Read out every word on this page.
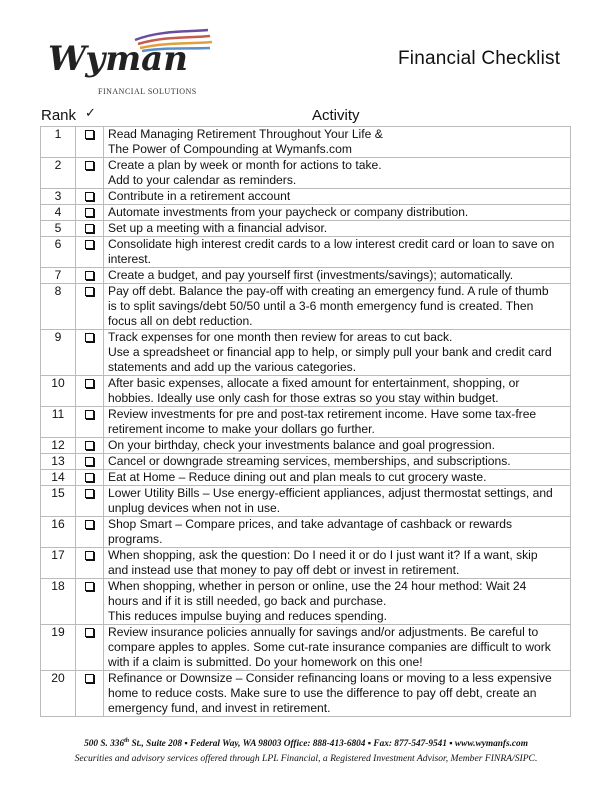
Wyman
FINANCIAL SOLUTIONS
Financial Checklist
Rank ✓	Activity
1		Read Managing Retirement Throughout Your Life &
The Power of Compounding at Wymanfs.com

2		Create a plan by week or month for actions to take.
Add to your calendar as reminders.

3		Contribute in a retirement account

4		Automate investments from your paycheck or company distribution.

5		Set up a meeting with a financial advisor.

6		Consolidate high interest credit cards to a low interest credit card or loan to save on
interest.

7		Create a budget, and pay yourself first (investments/savings); automatically.

8		Pay off debt. Balance the pay-off with creating an emergency fund. A rule of thumb
is to split savings/debt 50/50 until a 3-6 month emergency fund is created. Then
focus all on debt reduction.

9		Track expenses for one month then review for areas to cut back.
Use a spreadsheet or financial app to help, or simply pull your bank and credit card
statements and add up the various categories.

10		After basic expenses, allocate a fixed amount for entertainment, shopping, or
hobbies. Ideally use only cash for those extras so you stay within budget.

11		Review investments for pre and post-tax retirement income. Have some tax-free
retirement income to make your dollars go further.

12		On your birthday, check your investments balance and goal progression.

13		Cancel or downgrade streaming services, memberships, and subscriptions.

14		Eat at Home – Reduce dining out and plan meals to cut grocery waste.

15		Lower Utility Bills – Use energy-efficient appliances, adjust thermostat settings, and
unplug devices when not in use.

16		Shop Smart – Compare prices, and take advantage of cashback or rewards
programs.

17		When shopping, ask the question: Do I need it or do I just want it? If a want, skip
and instead use that money to pay off debt or invest in retirement.

18		When shopping, whether in person or online, use the 24 hour method: Wait 24
hours and if it is still needed, go back and purchase.
This reduces impulse buying and reduces spending.

19		Review insurance policies annually for savings and/or adjustments. Be careful to
compare apples to apples. Some cut-rate insurance companies are difficult to work
with if a claim is submitted. Do your homework on this one!

20		Refinance or Downsize – Consider refinancing loans or moving to a less expensive
home to reduce costs. Make sure to use the difference to pay off debt, create an
emergency fund, and invest in retirement.
500 S. 336th St., Suite 208 ▪ Federal Way, WA 98003 Office: 888-413-6804 ▪ Fax: 877-547-9541 ▪ www.wymanfs.com
Securities and advisory services offered through LPL Financial, a Registered Investment Advisor, Member FINRA/SIPC.
